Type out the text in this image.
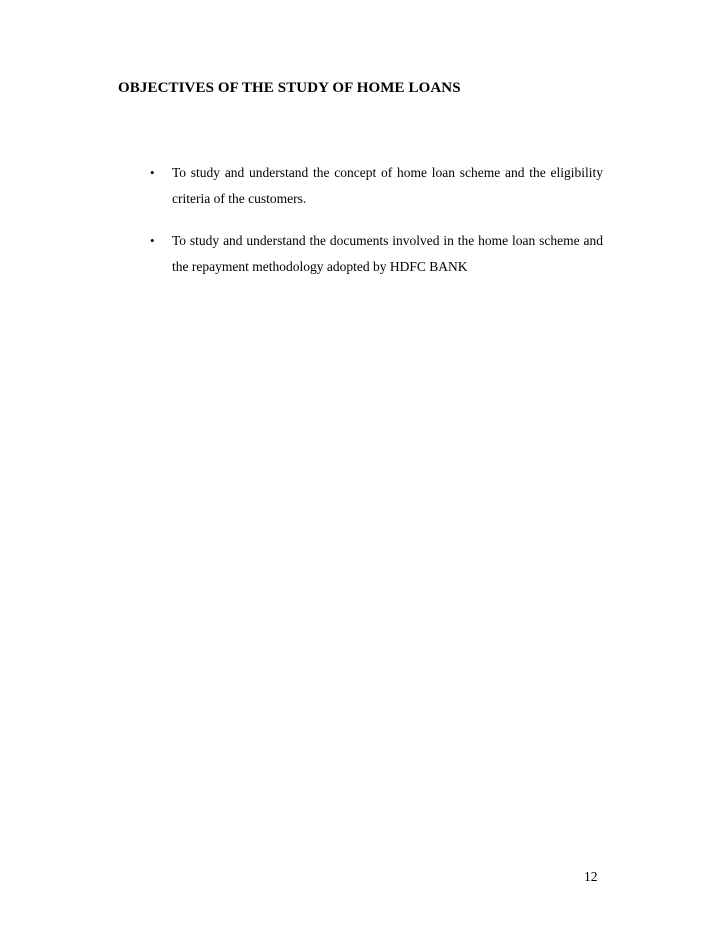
OBJECTIVES OF THE STUDY OF HOME LOANS
• To study and understand the concept of home loan scheme and the eligibility criteria of the customers.
• To study and understand the documents involved in the home loan scheme and the repayment methodology adopted by HDFC BANK
12
